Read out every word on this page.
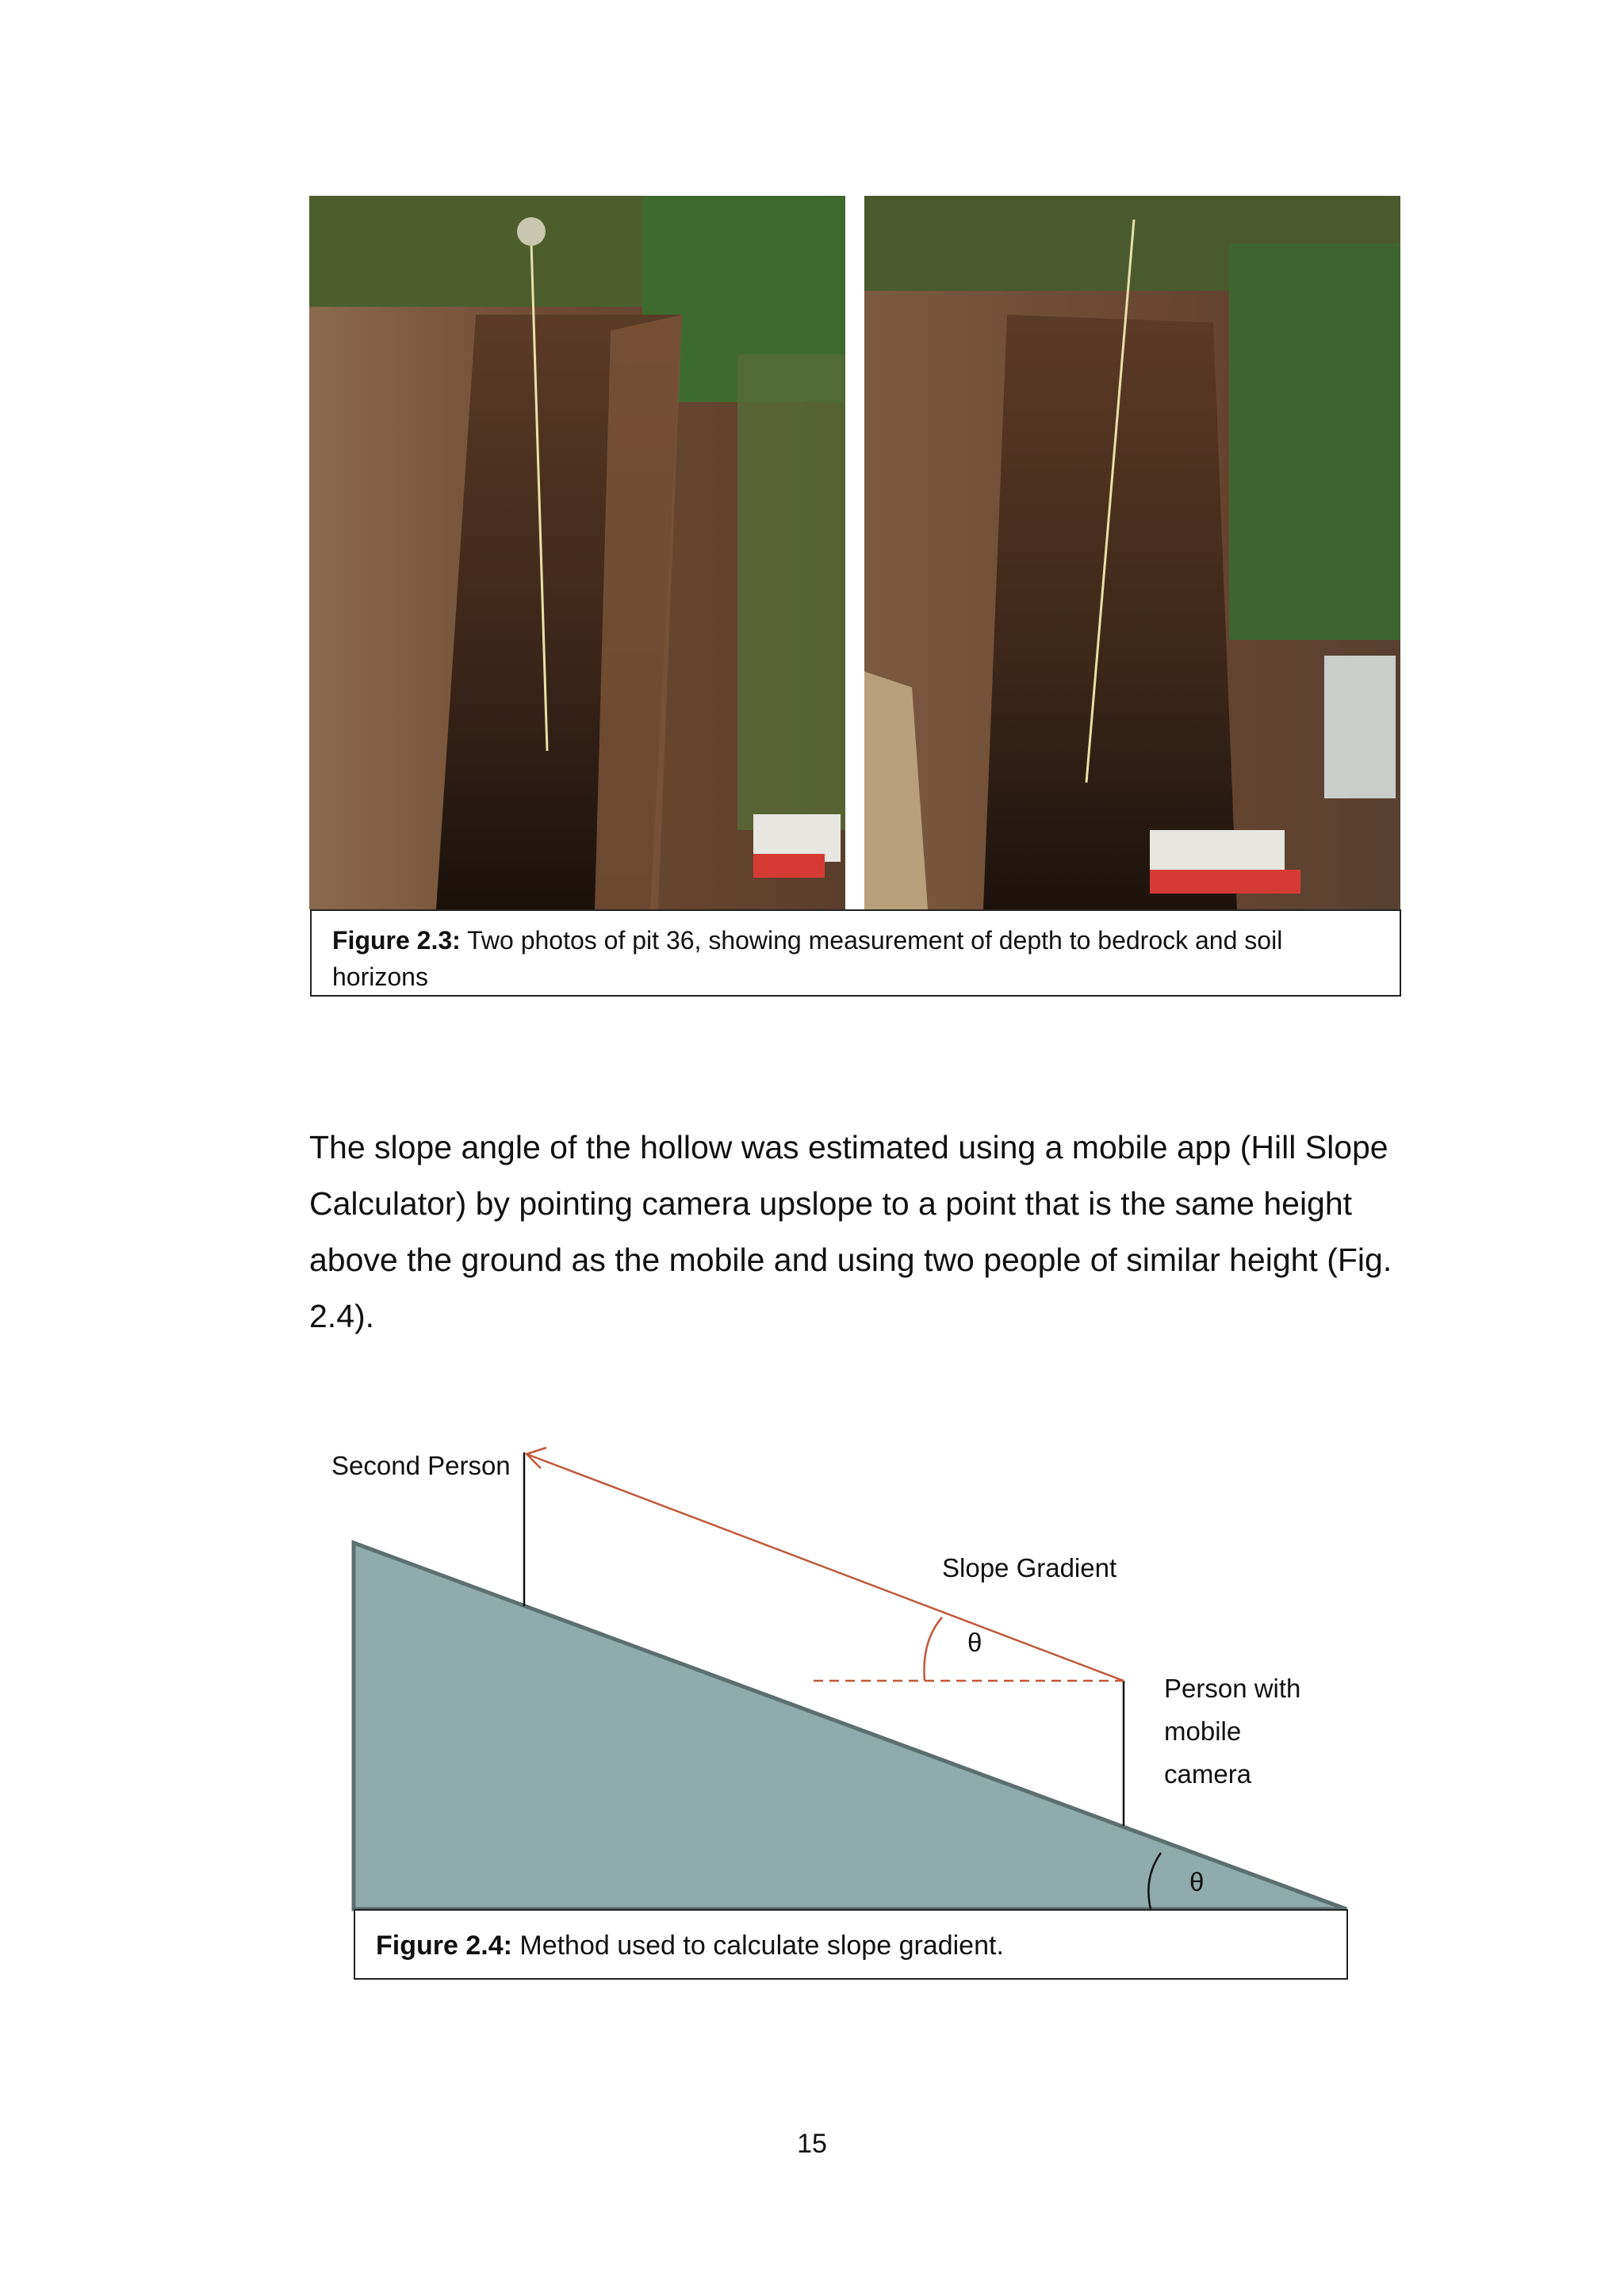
Figure 2.3: Two photos of pit 36, showing measurement of depth to bedrock and soil horizons

The slope angle of the hollow was estimated using a mobile app (Hill Slope Calculator) by pointing camera upslope to a point that is the same height above the ground as the mobile and using two people of similar height (Fig. 2.4).

Second Person
Slope Gradient
θ
Person with
mobile
camera
θ
Figure 2.4: Method used to calculate slope gradient.
15
